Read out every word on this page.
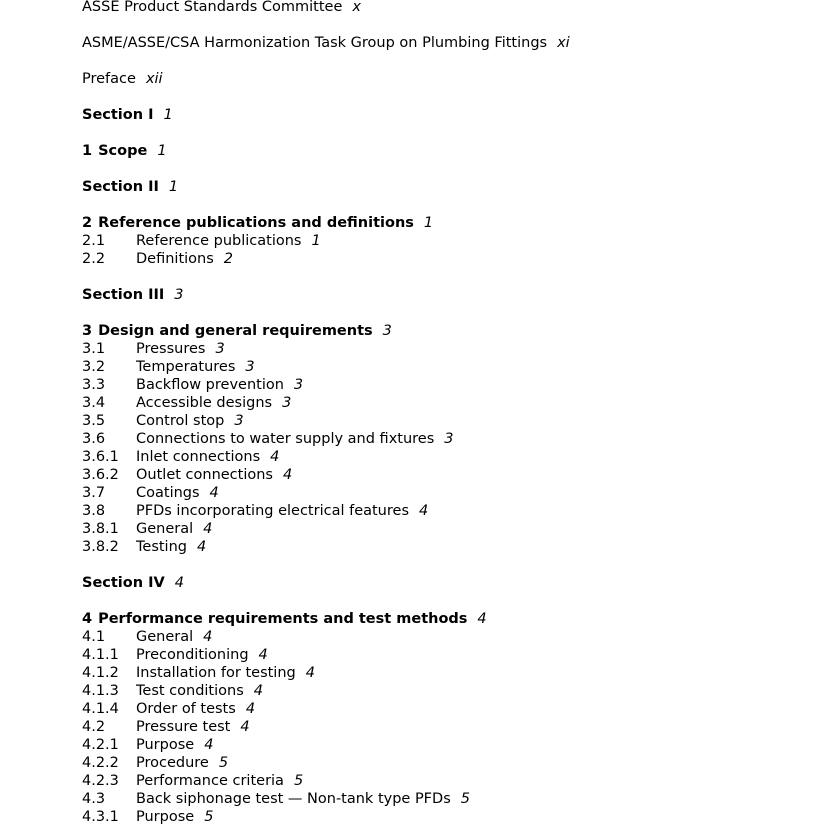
ASSE Product Standards Committee x
ASME/ASSE/CSA Harmonization Task Group on Plumbing Fittings xi
Preface xii
Section I 1
1 Scope 1
Section II 1
2 Reference publications and definitions 1
2.1 Reference publications 1
2.2 Definitions 2
Section III 3
3 Design and general requirements 3
3.1 Pressures 3
3.2 Temperatures 3
3.3 Backflow prevention 3
3.4 Accessible designs 3
3.5 Control stop 3
3.6 Connections to water supply and fixtures 3
3.6.1 Inlet connections 4
3.6.2 Outlet connections 4
3.7 Coatings 4
3.8 PFDs incorporating electrical features 4
3.8.1 General 4
3.8.2 Testing 4
Section IV 4
4 Performance requirements and test methods 4
4.1 General 4
4.1.1 Preconditioning 4
4.1.2 Installation for testing 4
4.1.3 Test conditions 4
4.1.4 Order of tests 4
4.2 Pressure test 4
4.2.1 Purpose 4
4.2.2 Procedure 5
4.2.3 Performance criteria 5
4.3 Back siphonage test — Non-tank type PFDs 5
4.3.1 Purpose 5
